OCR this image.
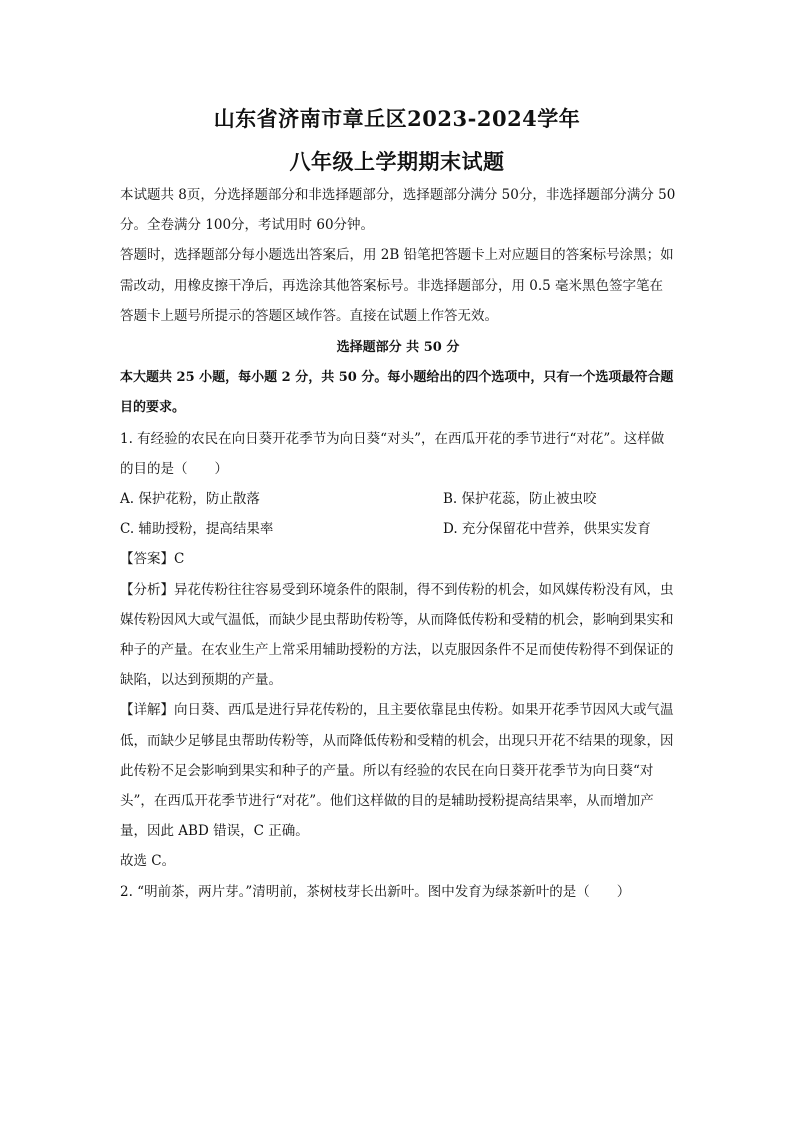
山东省济南市章丘区2023-2024学年
八年级上学期期末试题

本试题共 8页，分选择题部分和非选择题部分，选择题部分满分 50分，非选择题部分满分 50分。全卷满分 100分，考试用时 60分钟。

答题时，选择题部分每小题选出答案后，用 2B 铅笔把答题卡上对应题目的答案标号涂黑；如需改动，用橡皮擦干净后，再选涂其他答案标号。非选择题部分，用 0.5 毫米黑色签字笔在答题卡上题号所提示的答题区域作答。直接在试题上作答无效。

选择题部分 共 50 分

本大题共 25 小题，每小题 2 分，共 50 分。每小题给出的四个选项中，只有一个选项最符合题目的要求。

1. 有经验的农民在向日葵开花季节为向日葵“对头”，在西瓜开花的季节进行“对花”。这样做的目的是（　　）

A. 保护花粉，防止散落	B. 保护花蕊，防止被虫咬
C. 辅助授粉，提高结果率	D. 充分保留花中营养，供果实发育

【答案】C

【分析】异花传粉往往容易受到环境条件的限制，得不到传粉的机会，如风媒传粉没有风，虫媒传粉因风大或气温低，而缺少昆虫帮助传粉等，从而降低传粉和受精的机会，影响到果实和种子的产量。在农业生产上常采用辅助授粉的方法，以克服因条件不足而使传粉得不到保证的缺陷，以达到预期的产量。

【详解】向日葵、西瓜是进行异花传粉的，且主要依靠昆虫传粉。如果开花季节因风大或气温低，而缺少足够昆虫帮助传粉等，从而降低传粉和受精的机会，出现只开花不结果的现象，因此传粉不足会影响到果实和种子的产量。所以有经验的农民在向日葵开花季节为向日葵“对头”，在西瓜开花季节进行“对花”。他们这样做的目的是辅助授粉提高结果率，从而增加产量，因此 ABD 错误，C 正确。

故选 C。

2. “明前茶，两片芽。”清明前，茶树枝芽长出新叶。图中发育为绿茶新叶的是（　　）
